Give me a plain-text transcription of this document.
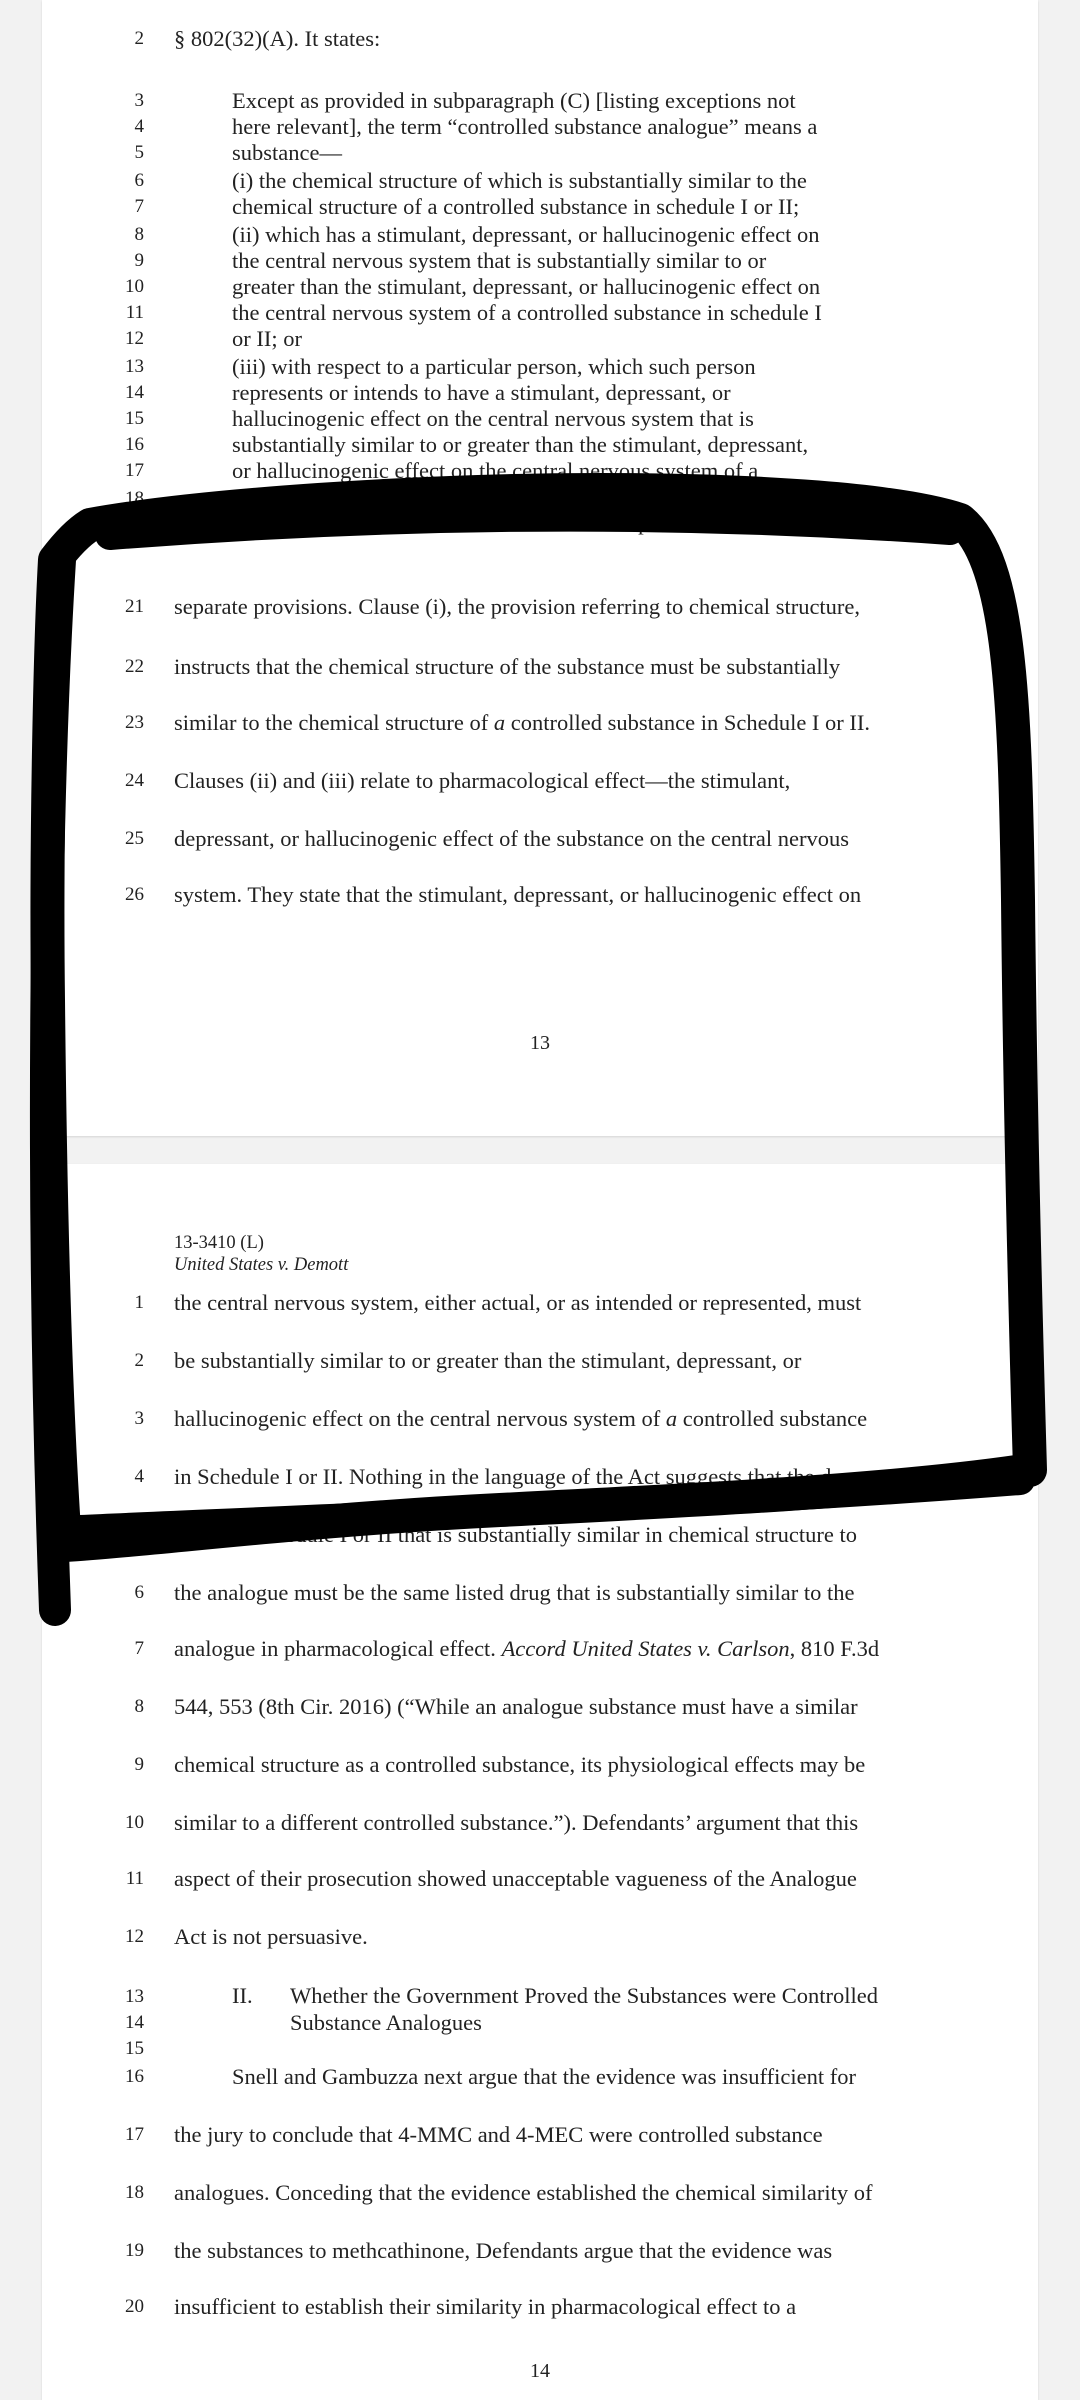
2 § 802(32)(A). It states:
3	Except as provided in subparagraph (C) [listing exceptions not
4	here relevant], the term “controlled substance analogue” means a
5	substance—
6	(i) the chemical structure of which is substantially similar to the
7	chemical structure of a controlled substance in schedule I or II;
8	(ii) which has a stimulant, depressant, or hallucinogenic effect on
9	the central nervous system that is substantially similar to or
10	greater than the stimulant, depressant, or hallucinogenic effect on
11	the central nervous system of a controlled substance in schedule I
12	or II; or
13	(iii) with respect to a particular person, which such person
14	represents or intends to have a stimulant, depressant, or
15	hallucinogenic effect on the central nervous system that is
16	substantially similar to or greater than the stimulant, depressant,
17	or hallucinogenic effect on the central nervous system of a
18	controlled substance in schedule I or II.
20	The statute addresses chemical structure and pharmacological effect in
21 separate provisions. Clause (i), the provision referring to chemical structure,
22 instructs that the chemical structure of the substance must be substantially
23 similar to the chemical structure of a controlled substance in Schedule I or II.
24 Clauses (ii) and (iii) relate to pharmacological effect—the stimulant,
25 depressant, or hallucinogenic effect of the substance on the central nervous
26 system. They state that the stimulant, depressant, or hallucinogenic effect on
13
13-3410 (L)
United States v. Demott
14
1 the central nervous system, either actual, or as intended or represented, must
2 be substantially similar to or greater than the stimulant, depressant, or
3 hallucinogenic effect on the central nervous system of a controlled substance
4 in Schedule I or II. Nothing in the language of the Act suggests that the drug
5 listed in Schedule I or II that is substantially similar in chemical structure to
6 the analogue must be the same listed drug that is substantially similar to the
7 analogue in pharmacological effect. Accord United States v. Carlson, 810 F.3d
8 544, 553 (8th Cir. 2016) (“While an analogue substance must have a similar
9 chemical structure as a controlled substance, its physiological effects may be
10 similar to a different controlled substance.”). Defendants’ argument that this
11 aspect of their prosecution showed unacceptable vagueness of the Analogue
12 Act is not persuasive.
13
14
15
II. Whether the Government Proved the Substances were Controlled
Substance Analogues
16	Snell and Gambuzza next argue that the evidence was insufficient for
17 the jury to conclude that 4-MMC and 4-MEC were controlled substance
18 analogues. Conceding that the evidence established the chemical similarity of
19 the substances to methcathinone, Defendants argue that the evidence was
20 insufficient to establish their similarity in pharmacological effect to a
